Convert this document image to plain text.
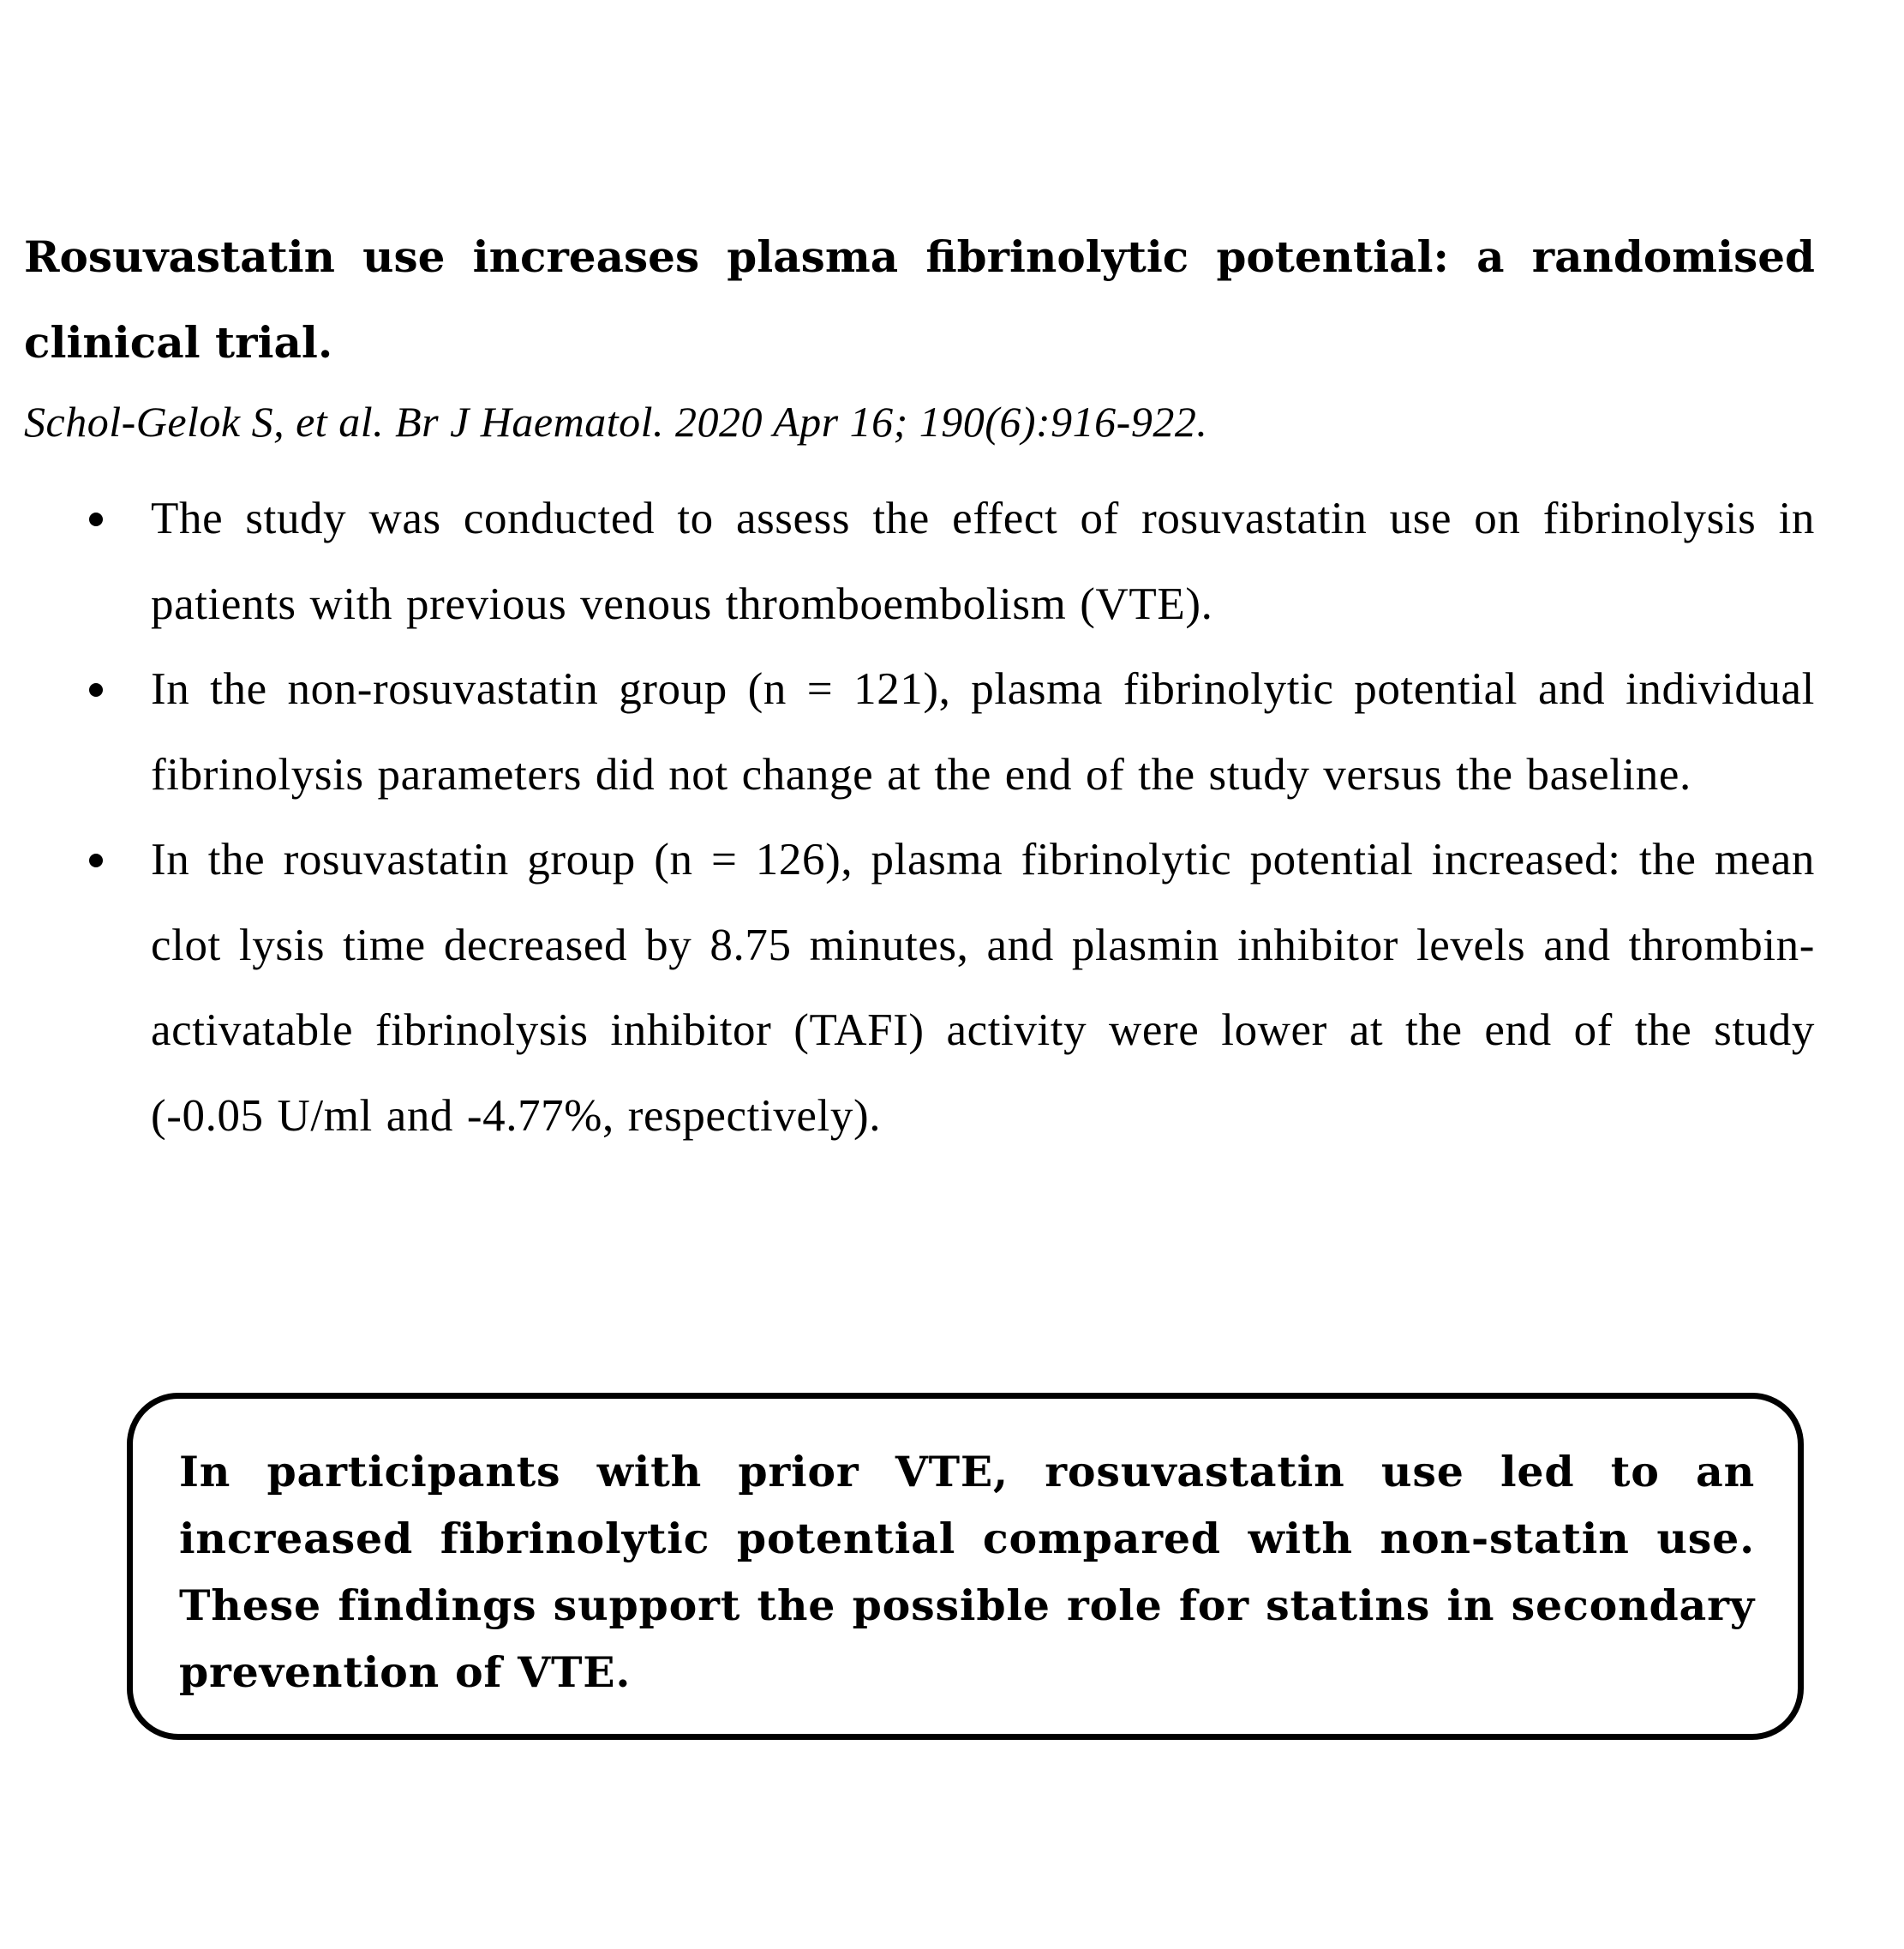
Rosuvastatin use increases plasma fibrinolytic potential: a randomised clinical trial.

Schol-Gelok S, et al. Br J Haematol. 2020 Apr 16; 190(6):916-922.

The study was conducted to assess the effect of rosuvastatin use on fibrinolysis in patients with previous venous thromboembolism (VTE).
In the non-rosuvastatin group (n = 121), plasma fibrinolytic potential and individual fibrinolysis parameters did not change at the end of the study versus the baseline.
In the rosuvastatin group (n = 126), plasma fibrinolytic potential increased: the mean clot lysis time decreased by 8.75 minutes, and plasmin inhibitor levels and thrombin-activatable fibrinolysis inhibitor (TAFI) activity were lower at the end of the study (-0.05 U/ml and -4.77%, respectively).

In participants with prior VTE, rosuvastatin use led to an increased fibrinolytic potential compared with non-statin use. These findings support the possible role for statins in secondary prevention of VTE.
